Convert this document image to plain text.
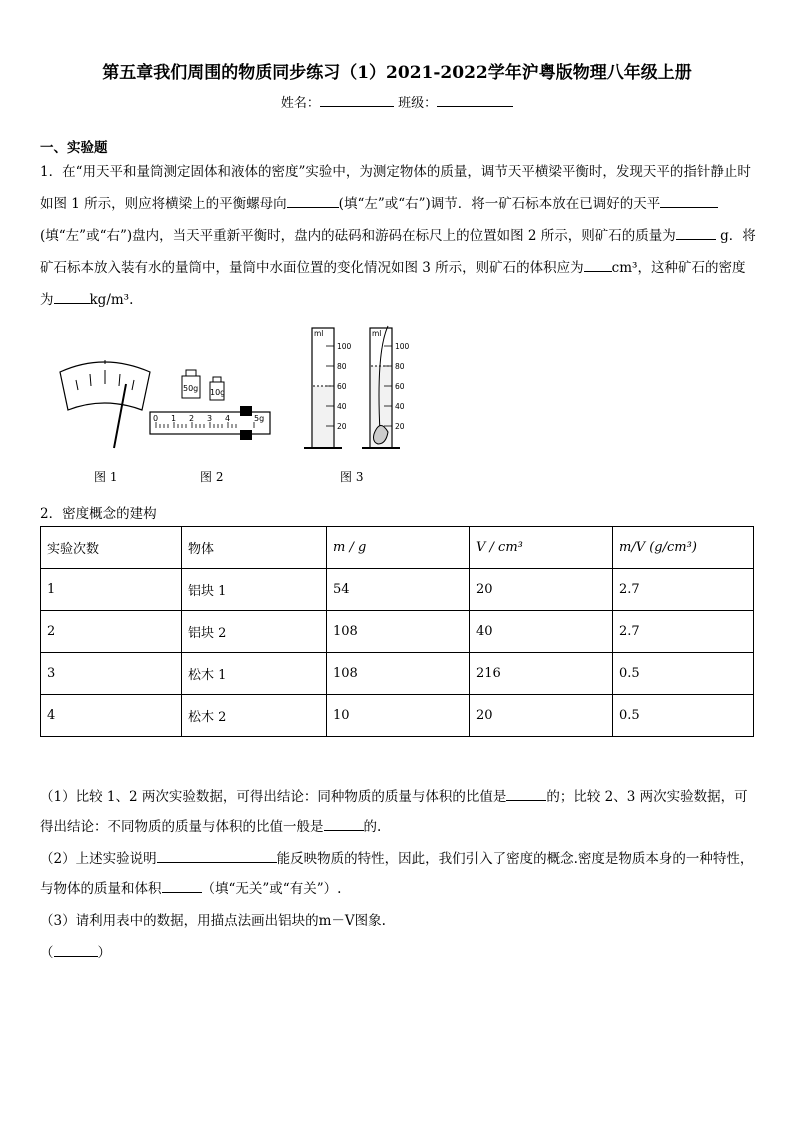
第五章我们周围的物质同步练习（1）2021-2022学年沪粤版物理八年级上册
姓名：	班级：
一、实验题
1．在“用天平和量筒测定固体和液体的密度”实验中，为测定物体的质量，调节天平横梁平衡时，发现天平的指针静止时如图 1 所示，则应将横梁上的平衡螺母向	(填“左”或“右”)调节．将一矿石标本放在已调好的天平(填“左”或“右”)盘内，当天平重新平衡时，盘内的砝码和游码在标尺上的位置如图 2 所示，则矿石的质量为	g．将矿石标本放入装有水的量筒中，量筒中水面位置的变化情况如图 3 所示，则矿石的体积应为 cm³，这种矿石的密度为	kg/m³.
图 1
50g 10g
0 1 2 3 4	5g
图 2
ml
100
80
60
40
20
ml
100
80
60
40
20
图 3
2．密度概念的建构
实验次数	物体	m / g	V / cm³	m/V (g/cm³)
1	铝块 1	54	20	2.7
2	铝块 2	108	40	2.7
3	松木 1	108	216	0.5
4	松木 2	10	20	0.5
（1）比较 1、2 两次实验数据，可得出结论：同种物质的质量与体积的比值是	的；比较 2、3 两次实验数据，可得出结论：不同物质的质量与体积的比值一般是	的.
（2）上述实验说明	能反映物质的特性，因此，我们引入了密度的概念.密度是物质本身的一种特性，与物体的质量和体积	（填“无关”或“有关”）.
（3）请利用表中的数据，用描点法画出铝块的m－V图象.
（	）
